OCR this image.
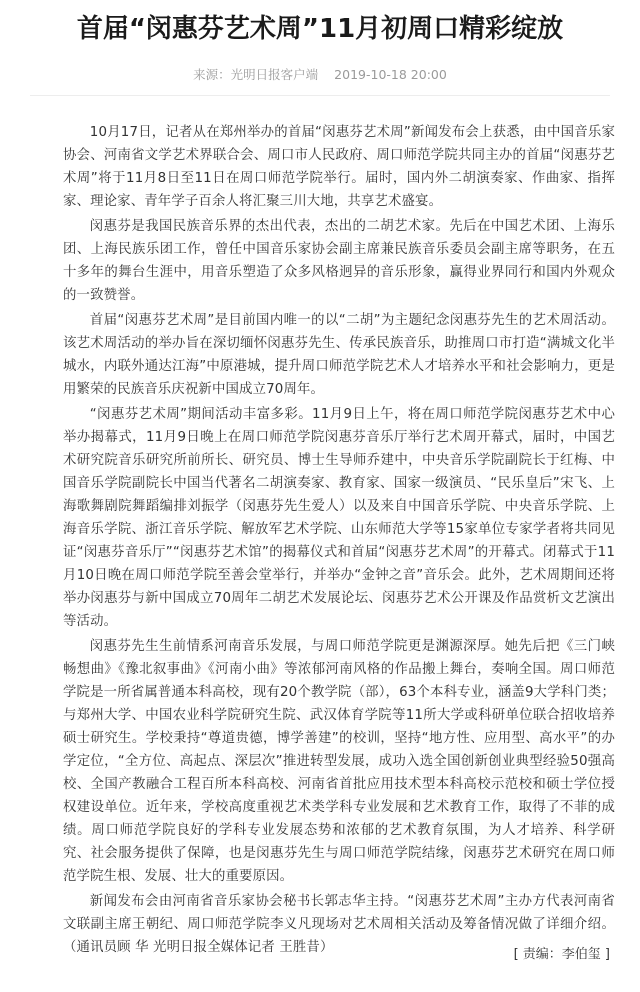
首届“闵惠芬艺术周”11月初周口精彩绽放
来源：光明日报客户端 2019-10-18 20:00

10月17日，记者从在郑州举办的首届“闵惠芬艺术周”新闻发布会上获悉，由中国音乐家协会、河南省文学艺术界联合会、周口市人民政府、周口师范学院共同主办的首届“闵惠芬艺术周”将于11月8日至11日在周口师范学院举行。届时，国内外二胡演奏家、作曲家、指挥家、理论家、青年学子百余人将汇聚三川大地，共享艺术盛宴。

闵惠芬是我国民族音乐界的杰出代表，杰出的二胡艺术家。先后在中国艺术团、上海乐团、上海民族乐团工作，曾任中国音乐家协会副主席兼民族音乐委员会副主席等职务，在五十多年的舞台生涯中，用音乐塑造了众多风格迥异的音乐形象，赢得业界同行和国内外观众的一致赞誉。

首届“闵惠芬艺术周”是目前国内唯一的以“二胡”为主题纪念闵惠芬先生的艺术周活动。该艺术周活动的举办旨在深切缅怀闵惠芬先生、传承民族音乐，助推周口市打造“满城文化半城水，内联外通达江海”中原港城，提升周口师范学院艺术人才培养水平和社会影响力，更是用繁荣的民族音乐庆祝新中国成立70周年。

“闵惠芬艺术周”期间活动丰富多彩。11月9日上午，将在周口师范学院闵惠芬艺术中心举办揭幕式，11月9日晚上在周口师范学院闵惠芬音乐厅举行艺术周开幕式，届时，中国艺术研究院音乐研究所前所长、研究员、博士生导师乔建中，中央音乐学院副院长于红梅、中国音乐学院副院长中国当代著名二胡演奏家、教育家、国家一级演员、“民乐皇后”宋飞、上海歌舞剧院舞蹈编排刘振学（闵惠芬先生爱人）以及来自中国音乐学院、中央音乐学院、上海音乐学院、浙江音乐学院、解放军艺术学院、山东师范大学等15家单位专家学者将共同见证“闵惠芬音乐厅”“闵惠芬艺术馆”的揭幕仪式和首届“闵惠芬艺术周”的开幕式。闭幕式于11月10日晚在周口师范学院至善会堂举行，并举办“金钟之音”音乐会。此外，艺术周期间还将举办闵惠芬与新中国成立70周年二胡艺术发展论坛、闵惠芬艺术公开课及作品赏析文艺演出等活动。

闵惠芬先生生前情系河南音乐发展，与周口师范学院更是渊源深厚。她先后把《三门峡畅想曲》《豫北叙事曲》《河南小曲》等浓郁河南风格的作品搬上舞台，奏响全国。周口师范学院是一所省属普通本科高校，现有20个教学院（部），63个本科专业，涵盖9大学科门类；与郑州大学、中国农业科学院研究生院、武汉体育学院等11所大学或科研单位联合招收培养硕士研究生。学校秉持“尊道贵德，博学善建”的校训，坚持“地方性、应用型、高水平”的办学定位，“全方位、高起点、深层次”推进转型发展，成功入选全国创新创业典型经验50强高校、全国产教融合工程百所本科高校、河南省首批应用技术型本科高校示范校和硕士学位授权建设单位。近年来，学校高度重视艺术类学科专业发展和艺术教育工作，取得了不菲的成绩。周口师范学院良好的学科专业发展态势和浓郁的艺术教育氛围，为人才培养、科学研究、社会服务提供了保障，也是闵惠芬先生与周口师范学院结缘，闵惠芬艺术研究在周口师范学院生根、发展、壮大的重要原因。

新闻发布会由河南省音乐家协会秘书长郭志华主持。“闵惠芬艺术周”主办方代表河南省文联副主席王朝纪、周口师范学院李义凡现场对艺术周相关活动及筹备情况做了详细介绍。（通讯员顾 华 光明日报全媒体记者 王胜昔）	[ 责编：李伯玺 ]
